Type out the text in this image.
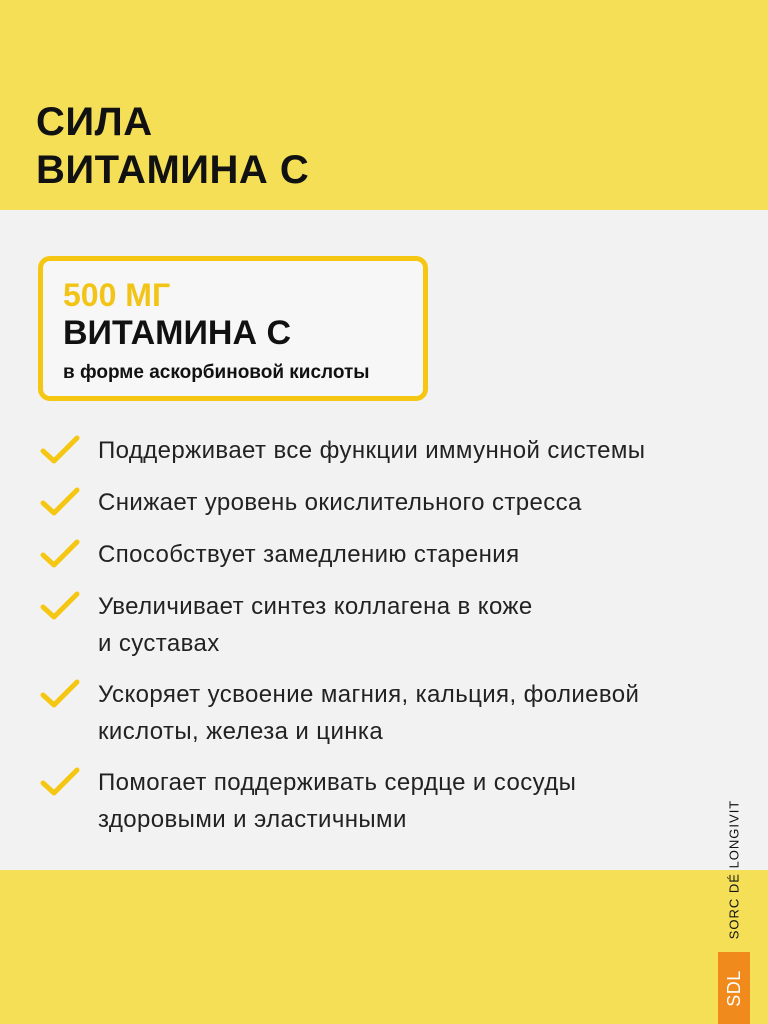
СИЛА
ВИТАМИНА С
500 МГ
ВИТАМИНА С
в форме аскорбиновой кислоты
Поддерживает все функции иммунной системы
Снижает уровень окислительного стресса
Способствует замедлению старения
Увеличивает синтез коллагена в коже
и суставах
Ускоряет усвоение магния, кальция, фолиевой
кислоты, железа и цинка
Помогает поддерживать сердце и сосуды
здоровыми и эластичными	SORC DÉ LONGIVIT
SDL
